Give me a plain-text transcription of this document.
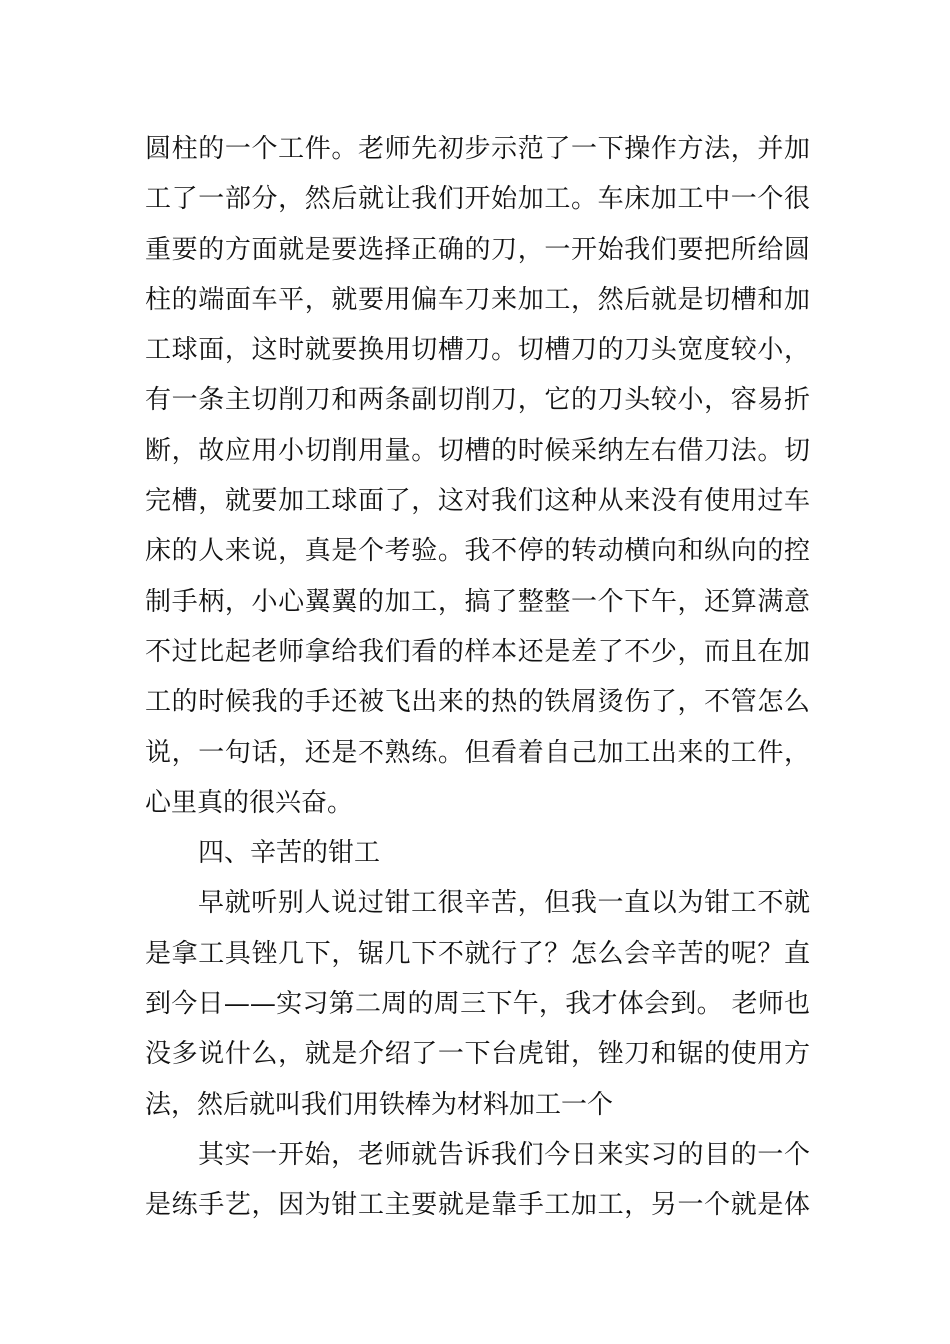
圆柱的一个工件。老师先初步示范了一下操作方法，并加
工了一部分，然后就让我们开始加工。车床加工中一个很
重要的方面就是要选择正确的刀，一开始我们要把所给圆
柱的端面车平，就要用偏车刀来加工，然后就是切槽和加
工球面，这时就要换用切槽刀。切槽刀的刀头宽度较小，
有一条主切削刀和两条副切削刀，它的刀头较小，容易折
断，故应用小切削用量。切槽的时候采纳左右借刀法。切
完槽，就要加工球面了，这对我们这种从来没有使用过车
床的人来说，真是个考验。我不停的转动横向和纵向的控
制手柄，小心翼翼的加工，搞了整整一个下午，还算满意
不过比起老师拿给我们看的样本还是差了不少，而且在加
工的时候我的手还被飞出来的热的铁屑烫伤了，不管怎么
说，一句话，还是不熟练。但看着自己加工出来的工件，
心里真的很兴奋。
四、辛苦的钳工
早就听别人说过钳工很辛苦，但我一直以为钳工不就
是拿工具锉几下，锯几下不就行了？怎么会辛苦的呢？直
到今日——实习第二周的周三下午，我才体会到。 老师也
没多说什么，就是介绍了一下台虎钳，锉刀和锯的使用方
法，然后就叫我们用铁棒为材料加工一个
其实一开始，老师就告诉我们今日来实习的目的一个
是练手艺，因为钳工主要就是靠手工加工，另一个就是体
